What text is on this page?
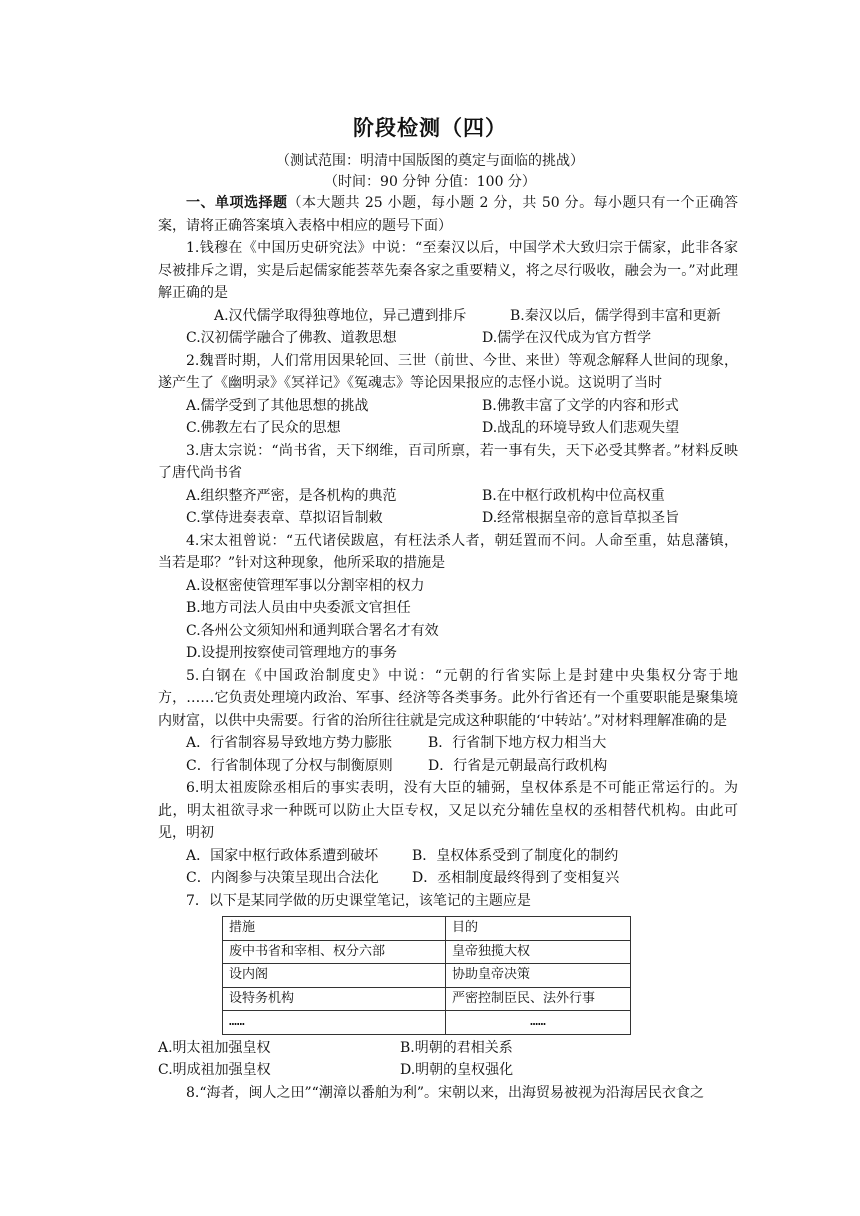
阶段检测（四）
（测试范围：明清中国版图的奠定与面临的挑战）
（时间：90 分钟 分值：100 分）

一、单项选择题（本大题共 25 小题，每小题 2 分，共 50 分。每小题只有一个正确答案，请将正确答案填入表格中相应的题号下面）

1.钱穆在《中国历史研究法》中说：“至秦汉以后，中国学术大致归宗于儒家，此非各家尽被排斥之谓，实是后起儒家能荟萃先秦各家之重要精义，将之尽行吸收，融会为一。”对此理解正确的是

A.汉代儒学取得独尊地位，异己遭到排斥	B.秦汉以后，儒学得到丰富和更新
C.汉初儒学融合了佛教、道教思想	D.儒学在汉代成为官方哲学

2.魏晋时期，人们常用因果轮回、三世（前世、今世、来世）等观念解释人世间的现象，遂产生了《幽明录》《冥祥记》《冤魂志》等论因果报应的志怪小说。这说明了当时

A.儒学受到了其他思想的挑战	B.佛教丰富了文学的内容和形式
C.佛教左右了民众的思想	D.战乱的环境导致人们悲观失望

3.唐太宗说：“尚书省，天下纲维，百司所禀，若一事有失，天下必受其弊者。”材料反映了唐代尚书省

A.组织整齐严密，是各机构的典范	B.在中枢行政机构中位高权重
C.掌侍进奏表章、草拟诏旨制敕	D.经常根据皇帝的意旨草拟圣旨

4.宋太祖曾说：“五代诸侯跋扈，有枉法杀人者，朝廷置而不问。人命至重，姑息藩镇，当若是耶？”针对这种现象，他所采取的措施是

A.设枢密使管理军事以分割宰相的权力

B.地方司法人员由中央委派文官担任

C.各州公文须知州和通判联合署名才有效

D.设提刑按察使司管理地方的事务

5.白钢在《中国政治制度史》中说：“元朝的行省实际上是封建中央集权分寄于地方，……它负责处理境内政治、军事、经济等各类事务。此外行省还有一个重要职能是聚集境内财富，以供中央需要。行省的治所往往就是完成这种职能的‘中转站’。”对材料理解准确的是

A．行省制容易导致地方势力膨胀	B．行省制下地方权力相当大
C．行省制体现了分权与制衡原则	D．行省是元朝最高行政机构

6.明太祖废除丞相后的事实表明，没有大臣的辅弼，皇权体系是不可能正常运行的。为此，明太祖欲寻求一种既可以防止大臣专权，又足以充分辅佐皇权的丞相替代机构。由此可见，明初

A．国家中枢行政体系遭到破坏	B．皇权体系受到了制度化的制约
C．内阁参与决策呈现出合法化	D．丞相制度最终得到了变相复兴

7．以下是某同学做的历史课堂笔记，该笔记的主题应是

措施	目的
废中书省和宰相、权分六部	皇帝独揽大权
设内阁	协助皇帝决策
设特务机构	严密控制臣民、法外行事
……	……
A.明太祖加强皇权	B.明朝的君相关系
C.明成祖加强皇权	D.明朝的皇权强化

8.“海者，闽人之田”“潮漳以番舶为利”。宋朝以来，出海贸易被视为沿海居民衣食之
